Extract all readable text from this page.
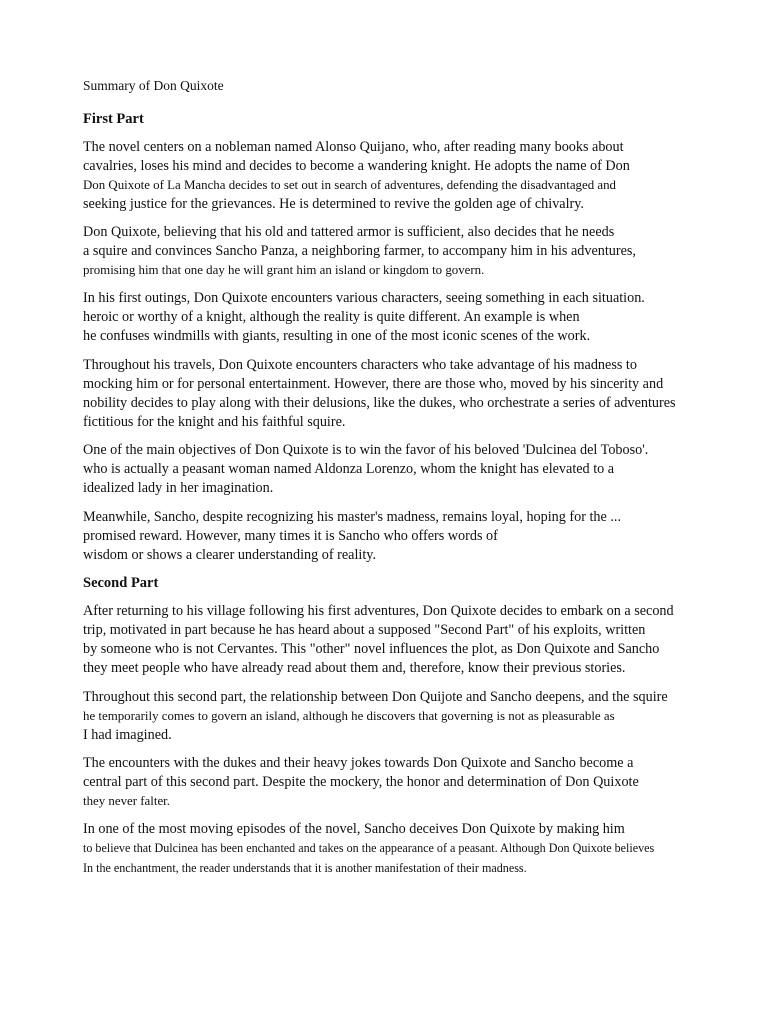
Summary of Don Quixote

First Part

The novel centers on a nobleman named Alonso Quijano, who, after reading many books about
cavalries, loses his mind and decides to become a wandering knight. He adopts the name of Don
Don Quixote of La Mancha decides to set out in search of adventures, defending the disadvantaged and
seeking justice for the grievances. He is determined to revive the golden age of chivalry.

Don Quixote, believing that his old and tattered armor is sufficient, also decides that he needs
a squire and convinces Sancho Panza, a neighboring farmer, to accompany him in his adventures,
promising him that one day he will grant him an island or kingdom to govern.

In his first outings, Don Quixote encounters various characters, seeing something in each situation.
heroic or worthy of a knight, although the reality is quite different. An example is when
he confuses windmills with giants, resulting in one of the most iconic scenes of the work.

Throughout his travels, Don Quixote encounters characters who take advantage of his madness to
mocking him or for personal entertainment. However, there are those who, moved by his sincerity and
nobility decides to play along with their delusions, like the dukes, who orchestrate a series of adventures
fictitious for the knight and his faithful squire.

One of the main objectives of Don Quixote is to win the favor of his beloved 'Dulcinea del Toboso'.
who is actually a peasant woman named Aldonza Lorenzo, whom the knight has elevated to a
idealized lady in her imagination.

Meanwhile, Sancho, despite recognizing his master's madness, remains loyal, hoping for the ...
promised reward. However, many times it is Sancho who offers words of
wisdom or shows a clearer understanding of reality.

Second Part

After returning to his village following his first adventures, Don Quixote decides to embark on a second
trip, motivated in part because he has heard about a supposed "Second Part" of his exploits, written
by someone who is not Cervantes. This "other" novel influences the plot, as Don Quixote and Sancho
they meet people who have already read about them and, therefore, know their previous stories.

Throughout this second part, the relationship between Don Quijote and Sancho deepens, and the squire
he temporarily comes to govern an island, although he discovers that governing is not as pleasurable as
I had imagined.

The encounters with the dukes and their heavy jokes towards Don Quixote and Sancho become a
central part of this second part. Despite the mockery, the honor and determination of Don Quixote
they never falter.

In one of the most moving episodes of the novel, Sancho deceives Don Quixote by making him
to believe that Dulcinea has been enchanted and takes on the appearance of a peasant. Although Don Quixote believes
In the enchantment, the reader understands that it is another manifestation of their madness.
